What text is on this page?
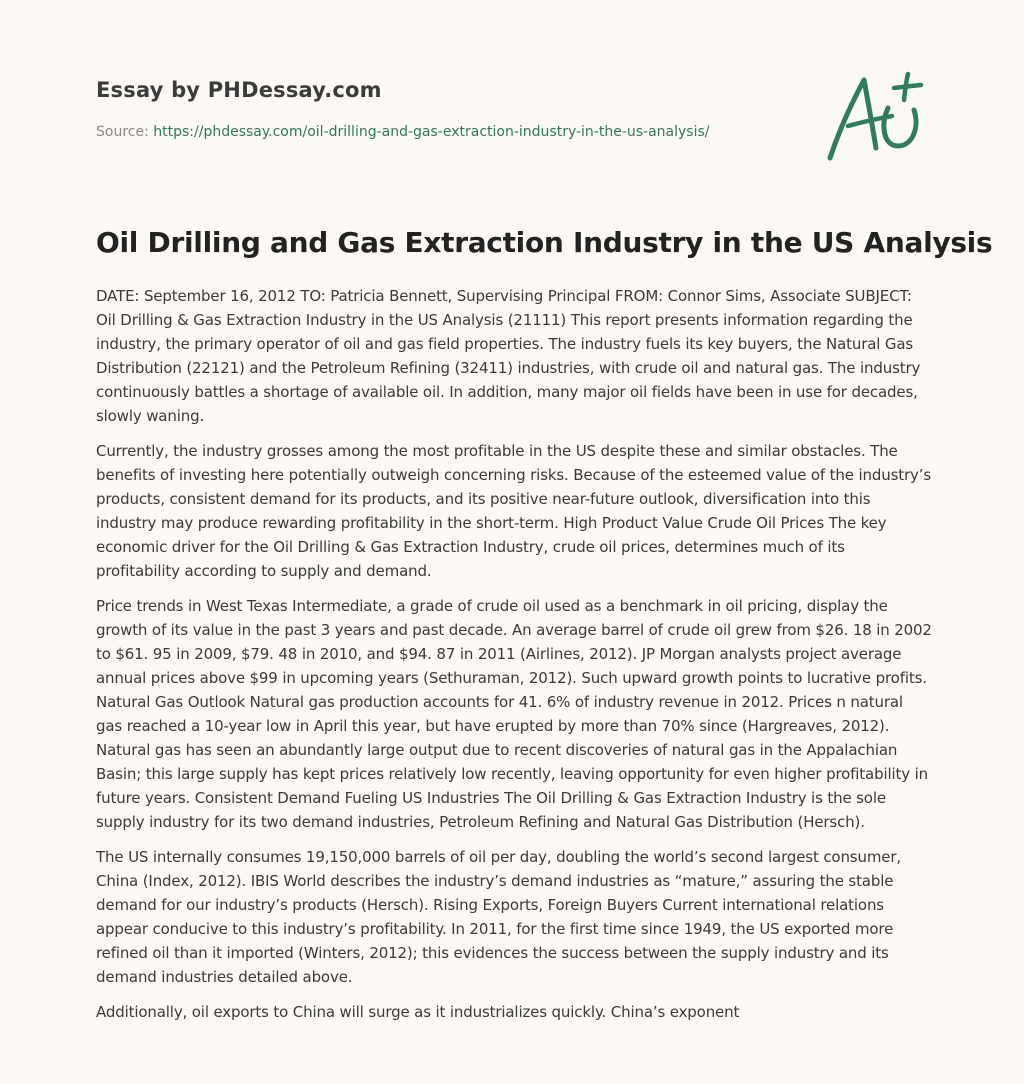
Essay by PHDessay.com
Source: https://phdessay.com/oil-drilling-and-gas-extraction-industry-in-the-us-analysis/
Oil Drilling and Gas Extraction Industry in the US Analysis

DATE: September 16, 2012 TO: Patricia Bennett, Supervising Principal FROM: Connor Sims, Associate SUBJECT: Oil Drilling & Gas Extraction Industry in the US Analysis (21111) This report presents information regarding the industry, the primary operator of oil and gas field properties. The industry fuels its key buyers, the Natural Gas Distribution (22121) and the Petroleum Refining (32411) industries, with crude oil and natural gas. The industry continuously battles a shortage of available oil. In addition, many major oil fields have been in use for decades, slowly waning.

Currently, the industry grosses among the most profitable in the US despite these and similar obstacles. The benefits of investing here potentially outweigh concerning risks. Because of the esteemed value of the industry’s products, consistent demand for its products, and its positive near-future outlook, diversification into this industry may produce rewarding profitability in the short-term. High Product Value Crude Oil Prices The key economic driver for the Oil Drilling & Gas Extraction Industry, crude oil prices, determines much of its profitability according to supply and demand.

Price trends in West Texas Intermediate, a grade of crude oil used as a benchmark in oil pricing, display the growth of its value in the past 3 years and past decade. An average barrel of crude oil grew from $26. 18 in 2002 to $61. 95 in 2009, $79. 48 in 2010, and $94. 87 in 2011 (Airlines, 2012). JP Morgan analysts project average annual prices above $99 in upcoming years (Sethuraman, 2012). Such upward growth points to lucrative profits. Natural Gas Outlook Natural gas production accounts for 41. 6% of industry revenue in 2012. Prices n natural gas reached a 10-year low in April this year, but have erupted by more than 70% since (Hargreaves, 2012). Natural gas has seen an abundantly large output due to recent discoveries of natural gas in the Appalachian Basin; this large supply has kept prices relatively low recently, leaving opportunity for even higher profitability in future years. Consistent Demand Fueling US Industries The Oil Drilling & Gas Extraction Industry is the sole supply industry for its two demand industries, Petroleum Refining and Natural Gas Distribution (Hersch).

The US internally consumes 19,150,000 barrels of oil per day, doubling the world’s second largest consumer, China (Index, 2012). IBIS World describes the industry’s demand industries as “mature,” assuring the stable demand for our industry’s products (Hersch). Rising Exports, Foreign Buyers Current international relations appear conducive to this industry’s profitability. In 2011, for the first time since 1949, the US exported more refined oil than it imported (Winters, 2012); this evidences the success between the supply industry and its demand industries detailed above.

Additionally, oil exports to China will surge as it industrializes quickly. China’s exponent
